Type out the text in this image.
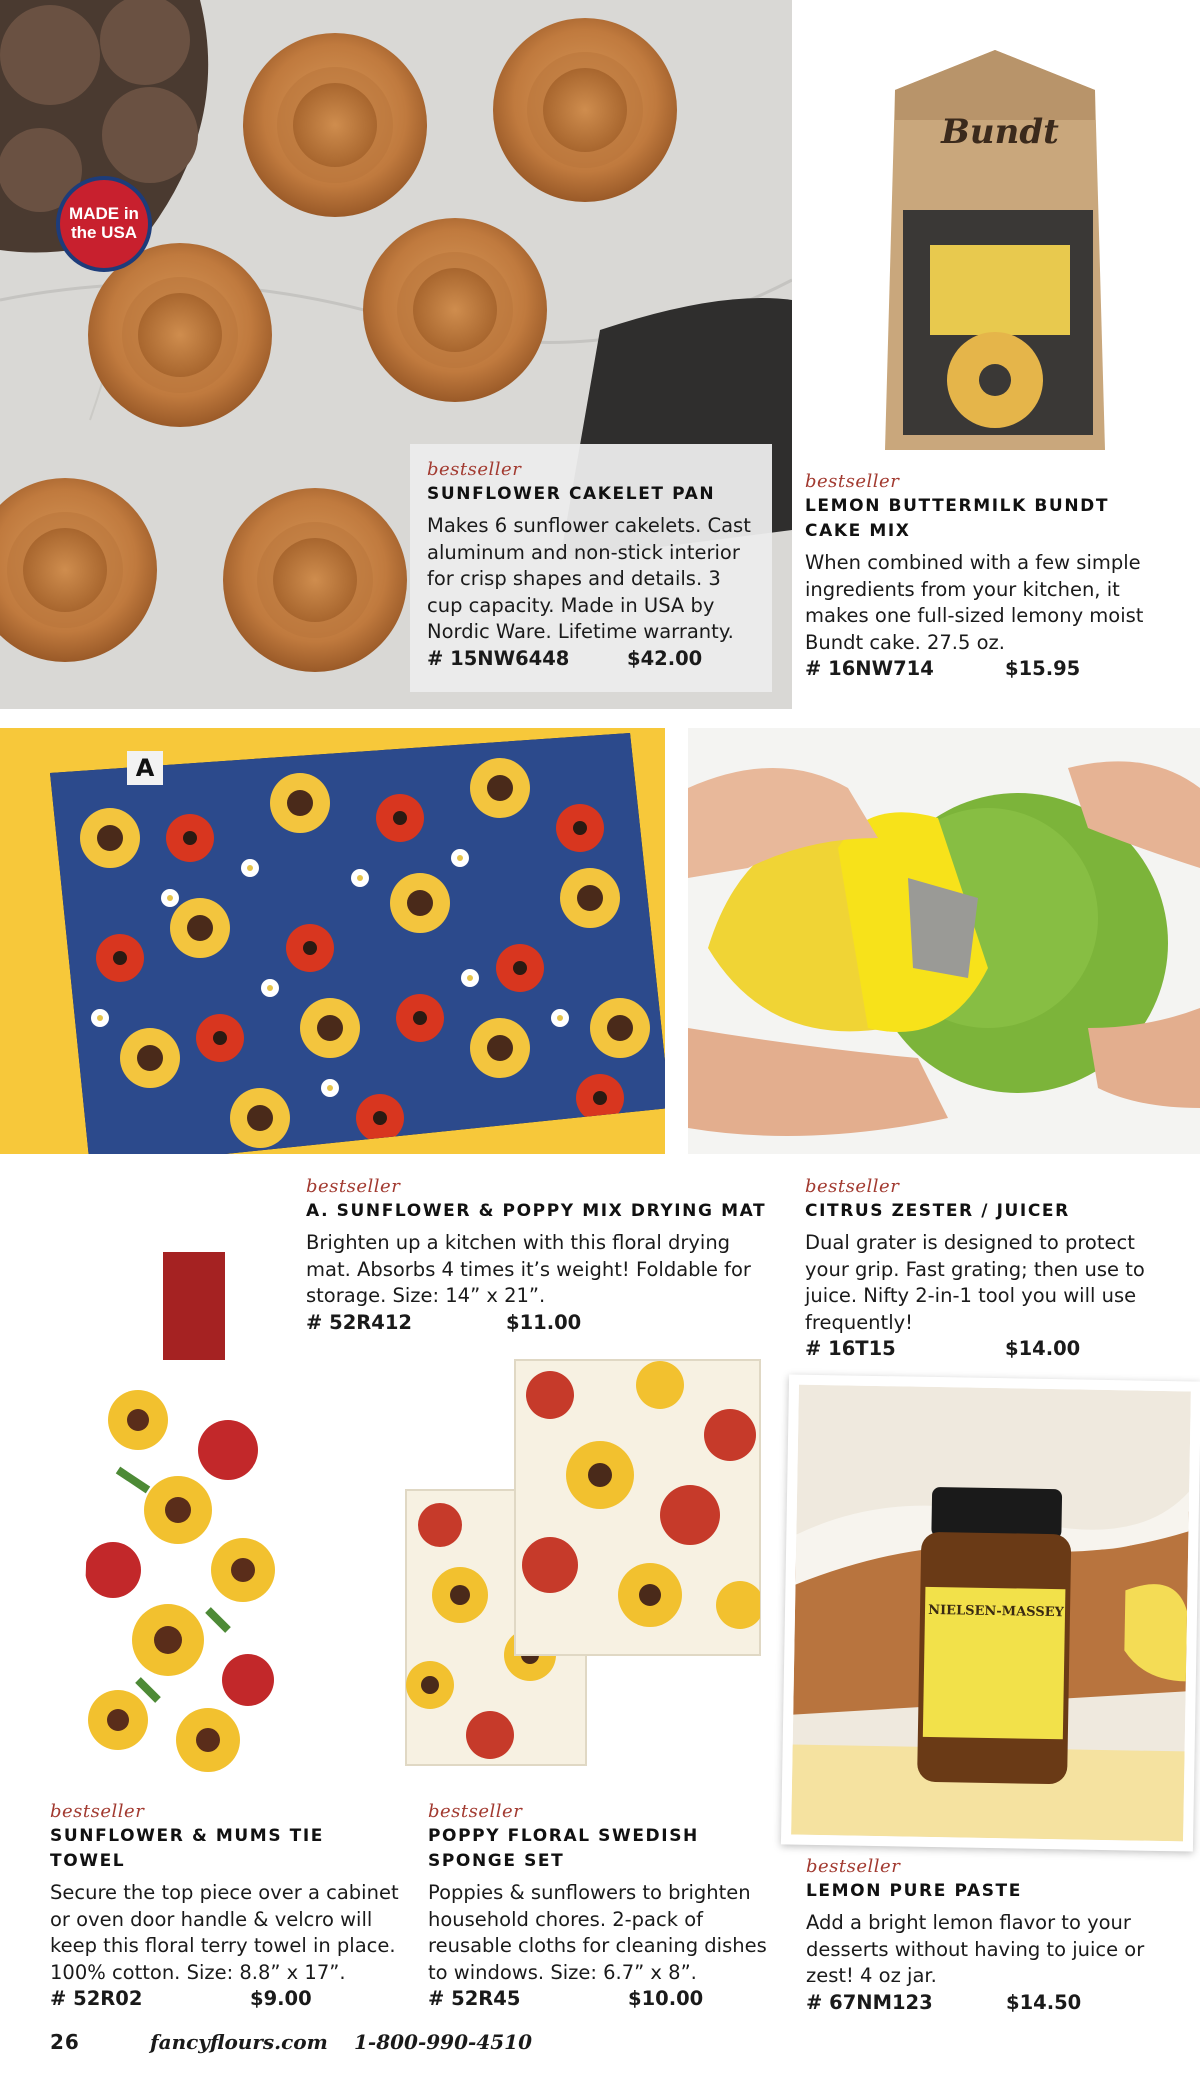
MADE in the USA
bestseller
SUNFLOWER CAKELET PAN
Makes 6 sunflower cakelets. Cast aluminum and non-stick interior for crisp shapes and details. 3 cup capacity. Made in USA by Nordic Ware. Lifetime warranty.
# 15NW6448	$42.00
Bundt
bestseller
LEMON BUTTERMILK BUNDT CAKE MIX
When combined with a few simple ingredients from your kitchen, it makes one full-sized lemony moist Bundt cake. 27.5 oz.
# 16NW714	$15.95
A
bestseller
A. SUNFLOWER & POPPY MIX DRYING MAT
Brighten up a kitchen with this floral drying mat. Absorbs 4 times it’s weight! Foldable for storage. Size: 14” x 21”.
# 52R412	$11.00
bestseller
CITRUS ZESTER / JUICER
Dual grater is designed to protect your grip. Fast grating; then use to juice. Nifty 2-in-1 tool you will use frequently!
# 16T15	$14.00
bestseller
SUNFLOWER & MUMS TIE TOWEL
Secure the top piece over a cabinet or oven door handle & velcro will keep this floral terry towel in place. 100% cotton. Size: 8.8” x 17”.
# 52R02	$9.00
bestseller
POPPY FLORAL SWEDISH SPONGE SET
Poppies & sunflowers to brighten household chores. 2-pack of reusable cloths for cleaning dishes to windows. Size: 6.7” x 8”.
# 52R45	$10.00
NIELSEN-MASSEY
bestseller
LEMON PURE PASTE
Add a bright lemon flavor to your desserts without having to juice or zest! 4 oz jar.
# 67NM123	$14.50
26	fancyflours.com	1-800-990-4510
